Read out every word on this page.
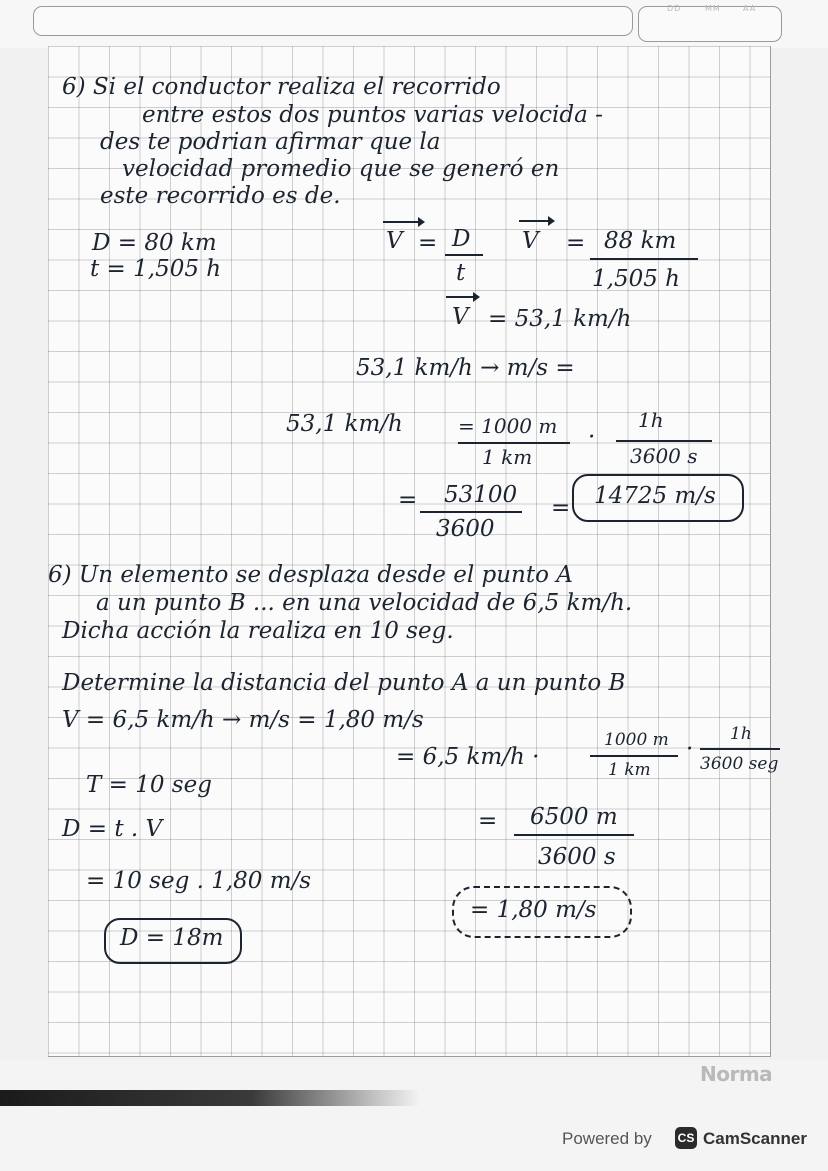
DD	MM	AA
6) Si el conductor realiza el recorrido
entre estos dos puntos varias velocida -
des te podrian afirmar que la
velocidad promedio que se generó en
este recorrido es de.
D = 80 km
t = 1,505 h
V = D
t
V = 88 km
1,505 h
V = 53,1 km/h
53,1 km/h → m/s =
53,1 km/h	= 1000 m
1 km
·
1h
3600 s
= 53100
3600
= 14725 m/s
6) Un elemento se desplaza desde el punto A
a un punto B ... en una velocidad de 6,5 km/h.
Dicha acción la realiza en 10 seg.
Determine la distancia del punto A a un punto B
V = 6,5 km/h → m/s = 1,80 m/s
= 6,5 km/h ·
1000 m
1 km
·
1h
3600 seg
T = 10 seg
= 6500 m
3600 s
D = t . V
= 10 seg . 1,80 m/s
= 1,80 m/s
D = 18m
Norma
Powered by CS CamScanner
